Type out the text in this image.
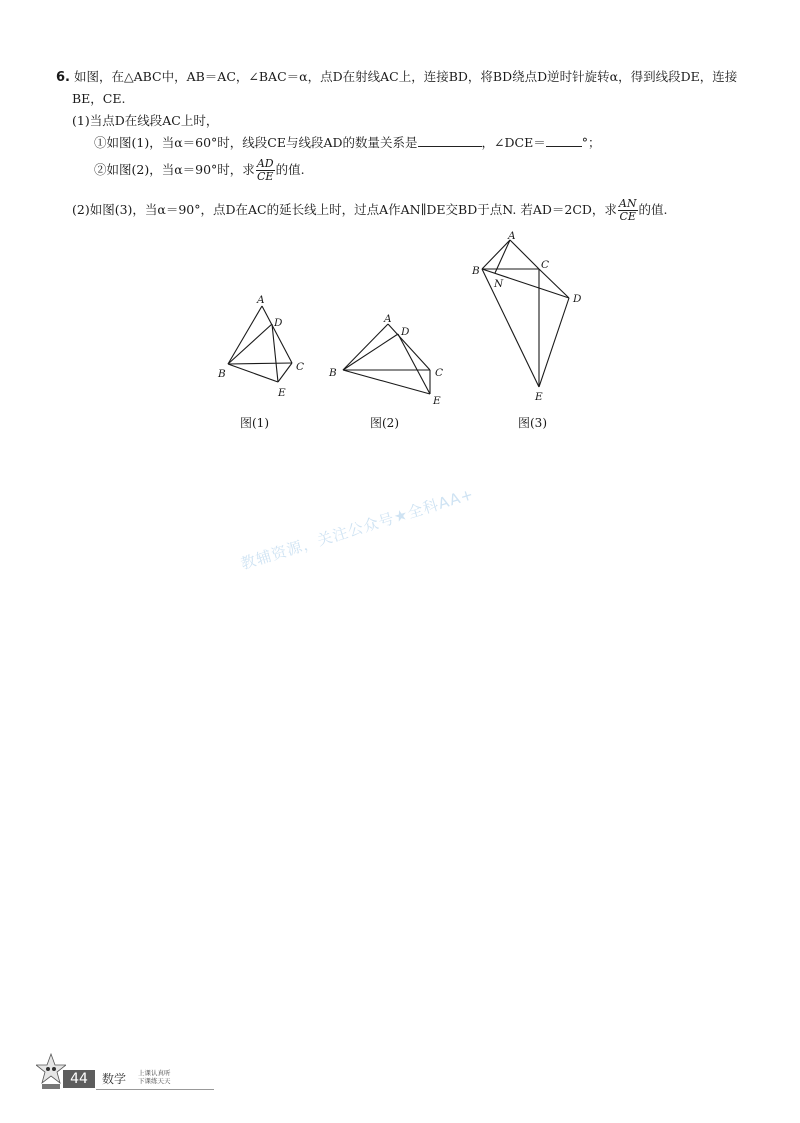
6. 如图，在△ABC中，AB＝AC，∠BAC＝α，点D在射线AC上，连接BD，将BD绕点D逆时针旋转α，得到线段DE，连接
BE，CE.
(1)当点D在线段AC上时，
①如图(1)，当α＝60°时，线段CE与线段AD的数量关系是	，∠DCE＝	°；
②如图(2)，当α＝90°时，求 $\frac{AD}{CE}$ 的值.
(2)如图(3)，当α＝90°，点D在AC的延长线上时，过点A作AN∥DE交BD于点N. 若AD＝2CD，求 $\frac{AN}{CE}$ 的值.
A
D
B
C
E
图(1)
A
D
B	C
E
图(2)
A
B	C
N
D
E
图(3)
教辅资源，关注公众号★全科AA+
44	数学 上课认真听
下课练天天
